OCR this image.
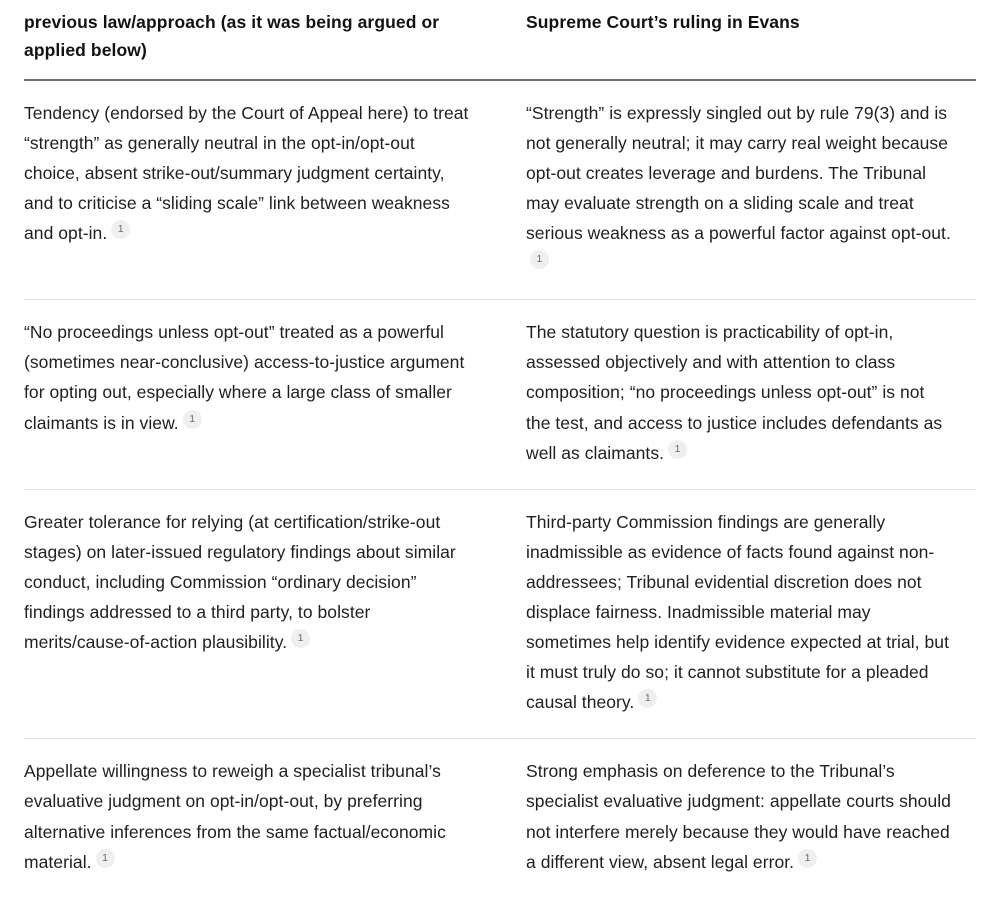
previous law/approach (as it was being argued or applied below)	Supreme Court’s ruling in Evans
Tendency (endorsed by the Court of Appeal here) to treat “strength” as generally neutral in the opt-in/opt-out choice, absent strike-out/summary judgment certainty, and to criticise a “sliding scale” link between weakness and opt-in. 1	“Strength” is expressly singled out by rule 79(3) and is not generally neutral; it may carry real weight because opt-out creates leverage and burdens. The Tribunal may evaluate strength on a sliding scale and treat serious weakness as a powerful factor against opt-out.1
“No proceedings unless opt-out” treated as a powerful (sometimes near-conclusive) access-to-justice argument for opting out, especially where a large class of smaller claimants is in view. 1	The statutory question is practicability of opt-in, assessed objectively and with attention to class composition; “no proceedings unless opt-out” is not the test, and access to justice includes defendants as well as claimants. 1
Greater tolerance for relying (at certification/strike-out stages) on later-issued regulatory findings about similar conduct, including Commission “ordinary decision” findings addressed to a third party, to bolster merits/cause-of-action plausibility. 1	Third-party Commission findings are generally inadmissible as evidence of facts found against non-addressees; Tribunal evidential discretion does not displace fairness. Inadmissible material may sometimes help identify evidence expected at trial, but it must truly do so; it cannot substitute for a pleaded causal theory. 1
Appellate willingness to reweigh a specialist tribunal’s evaluative judgment on opt-in/opt-out, by preferring alternative inferences from the same factual/economic material. 1	Strong emphasis on deference to the Tribunal’s specialist evaluative judgment: appellate courts should not interfere merely because they would have reached a different view, absent legal error. 1
